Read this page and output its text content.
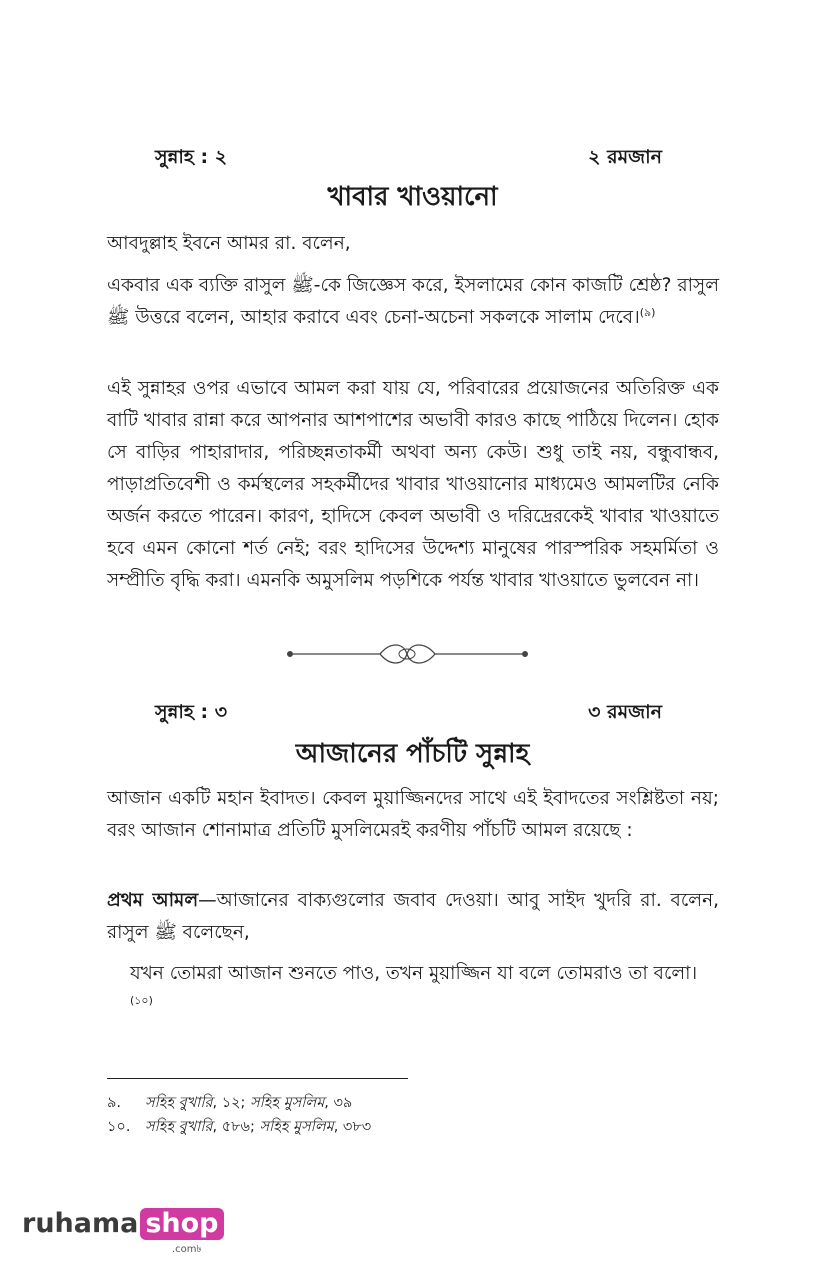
সুন্নাহ : ২	২ রমজান
খাবার খাওয়ানো

আবদুল্লাহ ইবনে আমর রা. বলেন,

একবার এক ব্যক্তি রাসুল ﷺ-কে জিজ্ঞেস করে, ইসলামের কোন কাজটি শ্রেষ্ঠ? রাসুল ﷺ উত্তরে বলেন, আহার করাবে এবং চেনা-অচেনা সকলকে সালাম দেবে।$^{(৯)}$

এই সুন্নাহর ওপর এভাবে আমল করা যায় যে, পরিবারের প্রয়োজনের অতিরিক্ত এক বাটি খাবার রান্না করে আপনার আশপাশের অভাবী কারও কাছে পাঠিয়ে দিলেন। হোক সে বাড়ির পাহারাদার, পরিচ্ছন্নতাকর্মী অথবা অন্য কেউ। শুধু তাই নয়, বন্ধুবান্ধব, পাড়াপ্রতিবেশী ও কর্মস্থলের সহকর্মীদের খাবার খাওয়ানোর মাধ্যমেও আমলটির নেকি অর্জন করতে পারেন। কারণ, হাদিসে কেবল অভাবী ও দরিদ্রেরকেই খাবার খাওয়াতে হবে এমন কোনো শর্ত নেই; বরং হাদিসের উদ্দেশ্য মানুষের পারস্পরিক সহমর্মিতা ও সম্প্রীতি বৃদ্ধি করা। এমনকি অমুসলিম পড়শিকে পর্যন্ত খাবার খাওয়াতে ভুলবেন না।

সুন্নাহ : ৩	৩ রমজান
আজানের পাঁচটি সুন্নাহ

আজান একটি মহান ইবাদত। কেবল মুয়াজ্জিনদের সাথে এই ইবাদতের সংশ্লিষ্টতা নয়; বরং আজান শোনামাত্র প্রতিটি মুসলিমেরই করণীয় পাঁচটি আমল রয়েছে :

প্রথম আমল—আজানের বাক্যগুলোর জবাব দেওয়া। আবু সাইদ খুদরি রা. বলেন, রাসুল ﷺ বলেছেন,

যখন তোমরা আজান শুনতে পাও, তখন মুয়াজ্জিন যা বলে তোমরাও তা বলো।$^{(১০)}$

৯. সহিহ বুখারি, ১২; সহিহ মুসলিম, ৩৯
১০. সহিহ বুখারি, ৫৮৬; সহিহ মুসলিম, ৩৮৩
ruhama shop
.com৳
